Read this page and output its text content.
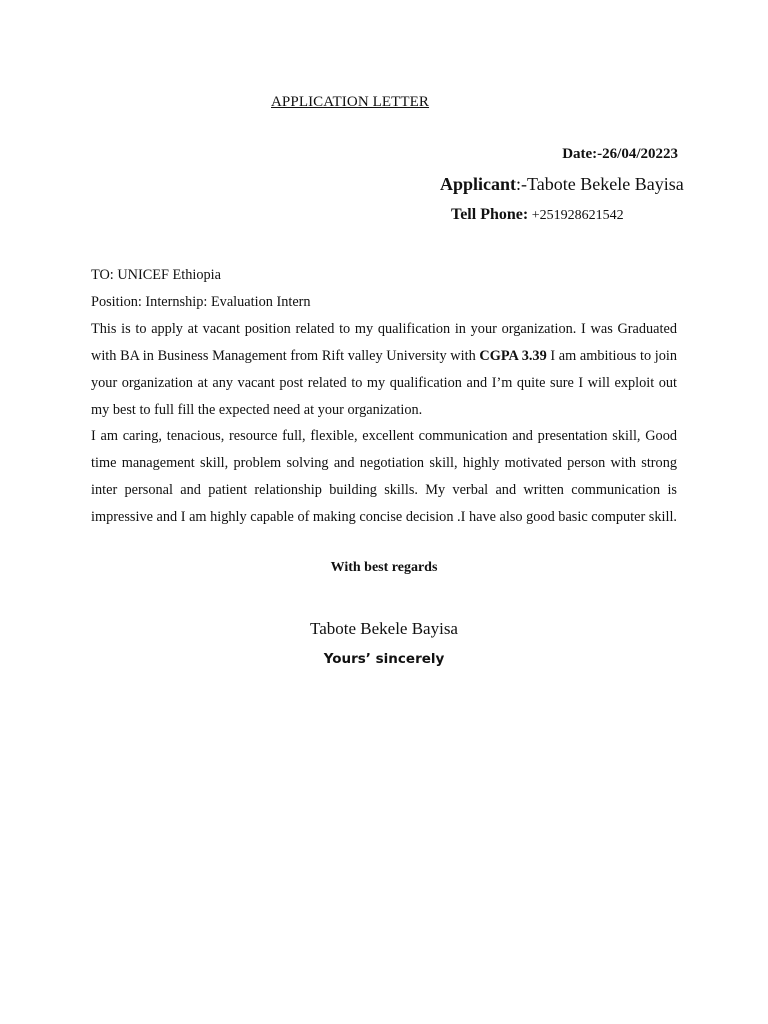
APPLICATION LETTER
Date:-26/04/20223
Applicant:-Tabote Bekele Bayisa
Tell Phone: +251928621542

TO: UNICEF Ethiopia

Position: Internship: Evaluation Intern

This is to apply at vacant position related to my qualification in your organization. I was Graduated with BA in Business Management from Rift valley University with CGPA 3.39 I am ambitious to join your organization at any vacant post related to my qualification and I’m quite sure I will exploit out my best to full fill the expected need at your organization.

I am caring, tenacious, resource full, flexible, excellent communication and presentation skill, Good time management skill, problem solving and negotiation skill, highly motivated person with strong inter personal and patient relationship building skills. My verbal and written communication is impressive and I am highly capable of making concise decision .I have also good basic computer skill.

With best regards
Tabote Bekele Bayisa
Yours’ sincerely
